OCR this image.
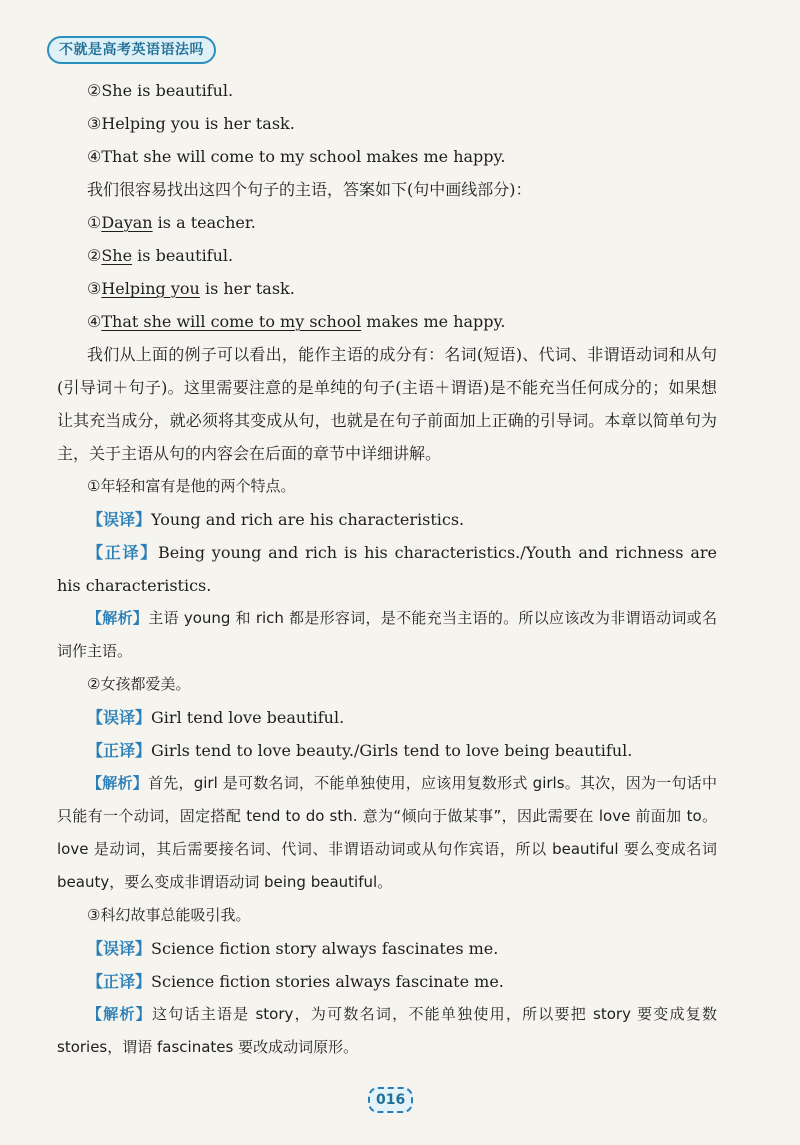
不就是高考英语语法吗
②She is beautiful.
③Helping you is her task.
④That she will come to my school makes me happy.
我们很容易找出这四个句子的主语，答案如下(句中画线部分)：
①Dayan is a teacher.
②She is beautiful.
③Helping you is her task.
④That she will come to my school makes me happy.
我们从上面的例子可以看出，能作主语的成分有：名词(短语)、代词、非谓语动词和从句(引导词＋句子)。这里需要注意的是单纯的句子(主语＋谓语)是不能充当任何成分的；如果想让其充当成分，就必须将其变成从句，也就是在句子前面加上正确的引导词。本章以简单句为主，关于主语从句的内容会在后面的章节中详细讲解。
①年轻和富有是他的两个特点。
【误译】Young and rich are his characteristics.
【正译】Being young and rich is his characteristics./Youth and richness are his characteristics.
【解析】主语 young 和 rich 都是形容词，是不能充当主语的。所以应该改为非谓语动词或名词作主语。
②女孩都爱美。
【误译】Girl tend love beautiful.
【正译】Girls tend to love beauty./Girls tend to love being beautiful.
【解析】首先，girl 是可数名词，不能单独使用，应该用复数形式 girls。其次，因为一句话中只能有一个动词，固定搭配 tend to do sth. 意为“倾向于做某事”，因此需要在 love 前面加 to。love 是动词，其后需要接名词、代词、非谓语动词或从句作宾语，所以 beautiful 要么变成名词 beauty，要么变成非谓语动词 being beautiful。
③科幻故事总能吸引我。
【误译】Science fiction story always fascinates me.
【正译】Science fiction stories always fascinate me.
【解析】这句话主语是 story，为可数名词，不能单独使用，所以要把 story 要变成复数 stories，谓语 fascinates 要改成动词原形。
016
